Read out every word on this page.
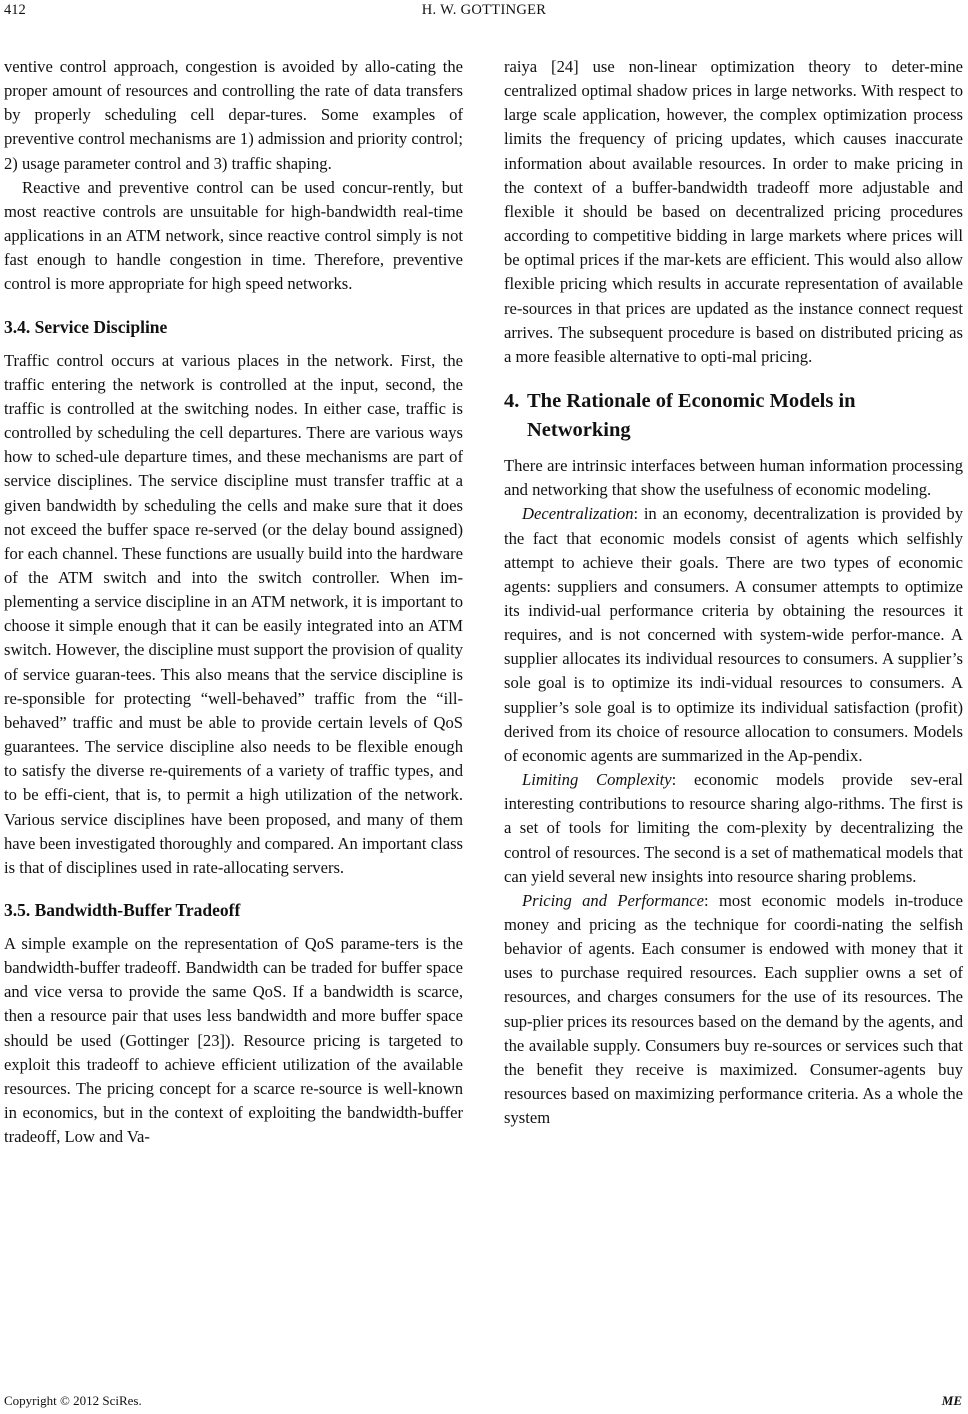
412	H. W. GOTTINGER

ventive control approach, congestion is avoided by allo-cating the proper amount of resources and controlling the rate of data transfers by properly scheduling cell depar-tures. Some examples of preventive control mechanisms are 1) admission and priority control; 2) usage parameter control and 3) traffic shaping.

Reactive and preventive control can be used concur-rently, but most reactive controls are unsuitable for high-bandwidth real-time applications in an ATM network, since reactive control simply is not fast enough to handle congestion in time. Therefore, preventive control is more appropriate for high speed networks.

3.4. Service Discipline

Traffic control occurs at various places in the network. First, the traffic entering the network is controlled at the input, second, the traffic is controlled at the switching nodes. In either case, traffic is controlled by scheduling the cell departures. There are various ways how to sched-ule departure times, and these mechanisms are part of service disciplines. The service discipline must transfer traffic at a given bandwidth by scheduling the cells and make sure that it does not exceed the buffer space re-served (or the delay bound assigned) for each channel. These functions are usually build into the hardware of the ATM switch and into the switch controller. When im-plementing a service discipline in an ATM network, it is important to choose it simple enough that it can be easily integrated into an ATM switch. However, the discipline must support the provision of quality of service guaran-tees. This also means that the service discipline is re-sponsible for protecting “well-behaved” traffic from the “ill-behaved” traffic and must be able to provide certain levels of QoS guarantees. The service discipline also needs to be flexible enough to satisfy the diverse re-quirements of a variety of traffic types, and to be effi-cient, that is, to permit a high utilization of the network. Various service disciplines have been proposed, and many of them have been investigated thoroughly and compared. An important class is that of disciplines used in rate-allocating servers.

3.5. Bandwidth-Buffer Tradeoff

A simple example on the representation of QoS parame-ters is the bandwidth-buffer tradeoff. Bandwidth can be traded for buffer space and vice versa to provide the same QoS. If a bandwidth is scarce, then a resource pair that uses less bandwidth and more buffer space should be used (Gottinger [23]). Resource pricing is targeted to exploit this tradeoff to achieve efficient utilization of the available resources. The pricing concept for a scarce re-source is well-known in economics, but in the context of exploiting the bandwidth-buffer tradeoff, Low and Va-

raiya [24] use non-linear optimization theory to deter-mine centralized optimal shadow prices in large networks. With respect to large scale application, however, the complex optimization process limits the frequency of pricing updates, which causes inaccurate information about available resources. In order to make pricing in the context of a buffer-bandwidth tradeoff more adjustable and flexible it should be based on decentralized pricing procedures according to competitive bidding in large markets where prices will be optimal prices if the mar-kets are efficient. This would also allow flexible pricing which results in accurate representation of available re-sources in that prices are updated as the instance connect request arrives. The subsequent procedure is based on distributed pricing as a more feasible alternative to opti-mal pricing.

4. The Rationale of Economic Models in
Networking

There are intrinsic interfaces between human information processing and networking that show the usefulness of economic modeling.

Decentralization: in an economy, decentralization is provided by the fact that economic models consist of agents which selfishly attempt to achieve their goals. There are two types of economic agents: suppliers and consumers. A consumer attempts to optimize its individ-ual performance criteria by obtaining the resources it requires, and is not concerned with system-wide perfor-mance. A supplier allocates its individual resources to consumers. A supplier’s sole goal is to optimize its indi-vidual resources to consumers. A supplier’s sole goal is to optimize its individual satisfaction (profit) derived from its choice of resource allocation to consumers. Models of economic agents are summarized in the Ap-pendix.

Limiting Complexity: economic models provide sev-eral interesting contributions to resource sharing algo-rithms. The first is a set of tools for limiting the com-plexity by decentralizing the control of resources. The second is a set of mathematical models that can yield several new insights into resource sharing problems.

Pricing and Performance: most economic models in-troduce money and pricing as the technique for coordi-nating the selfish behavior of agents. Each consumer is endowed with money that it uses to purchase required resources. Each supplier owns a set of resources, and charges consumers for the use of its resources. The sup-plier prices its resources based on the demand by the agents, and the available supply. Consumers buy re-sources or services such that the benefit they receive is maximized. Consumer-agents buy resources based on maximizing performance criteria. As a whole the system

Copyright © 2012 SciRes.	ME
